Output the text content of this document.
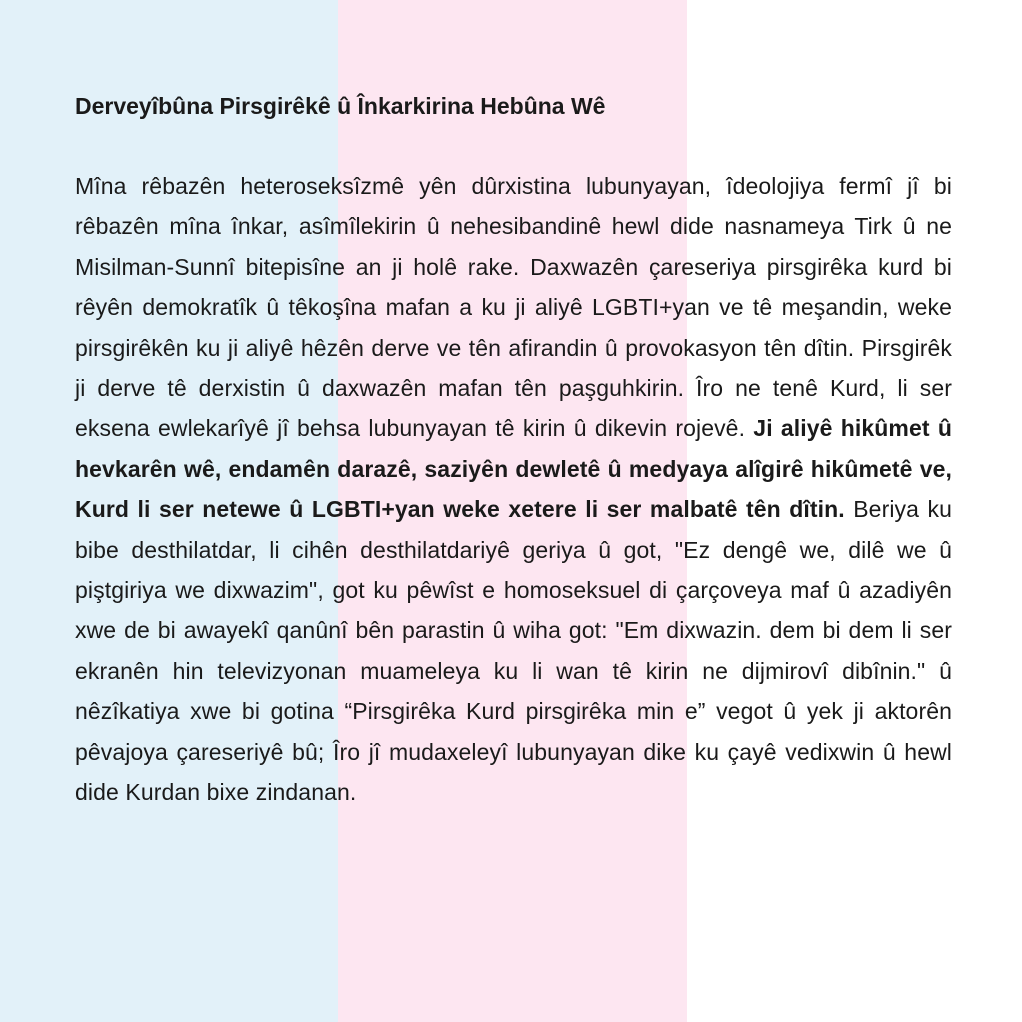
Derveyîbûna Pirsgirêkê û Înkarkirina Hebûna Wê

Mîna rêbazên heteroseksîzmê yên dûrxistina lubunyayan, îdeolojiya fermî jî bi rêbazên mîna înkar, asîmîlekirin û nehesibandinê hewl dide nasnameya Tirk û ne Misilman-Sunnî bitepisîne an ji holê rake. Daxwazên çareseriya pirsgirêka kurd bi rêyên demokratîk û têkoşîna mafan a ku ji aliyê LGBTI+yan ve tê meşandin, weke pirsgirêkên ku ji aliyê hêzên derve ve tên afirandin û provokasyon tên dîtin. Pirsgirêk ji derve tê derxistin û daxwazên mafan tên paşguhkirin. Îro ne tenê Kurd, li ser eksena ewlekarîyê jî behsa lubunyayan tê kirin û dikevin rojevê. Ji aliyê hikûmet û hevkarên wê, endamên darazê, saziyên dewletê û medyaya alîgirê hikûmetê ve, Kurd li ser netewe û LGBTI+yan weke xetere li ser malbatê tên dîtin. Beriya ku bibe desthilatdar, li cihên desthilatdariyê geriya û got, "Ez dengê we, dilê we û piştgiriya we dixwazim", got ku pêwîst e homoseksuel di çarçoveya maf û azadiyên xwe de bi awayekî qanûnî bên parastin û wiha got: "Em dixwazin. dem bi dem li ser ekranên hin televizyonan muameleya ku li wan tê kirin ne dijmirovî dibînin." û nêzîkatiya xwe bi gotina “Pirsgirêka Kurd pirsgirêka min e” vegot û yek ji aktorên pêvajoya çareseriyê bû; Îro jî mudaxeleyî lubunyayan dike ku çayê vedixwin û hewl dide Kurdan bixe zindanan.
